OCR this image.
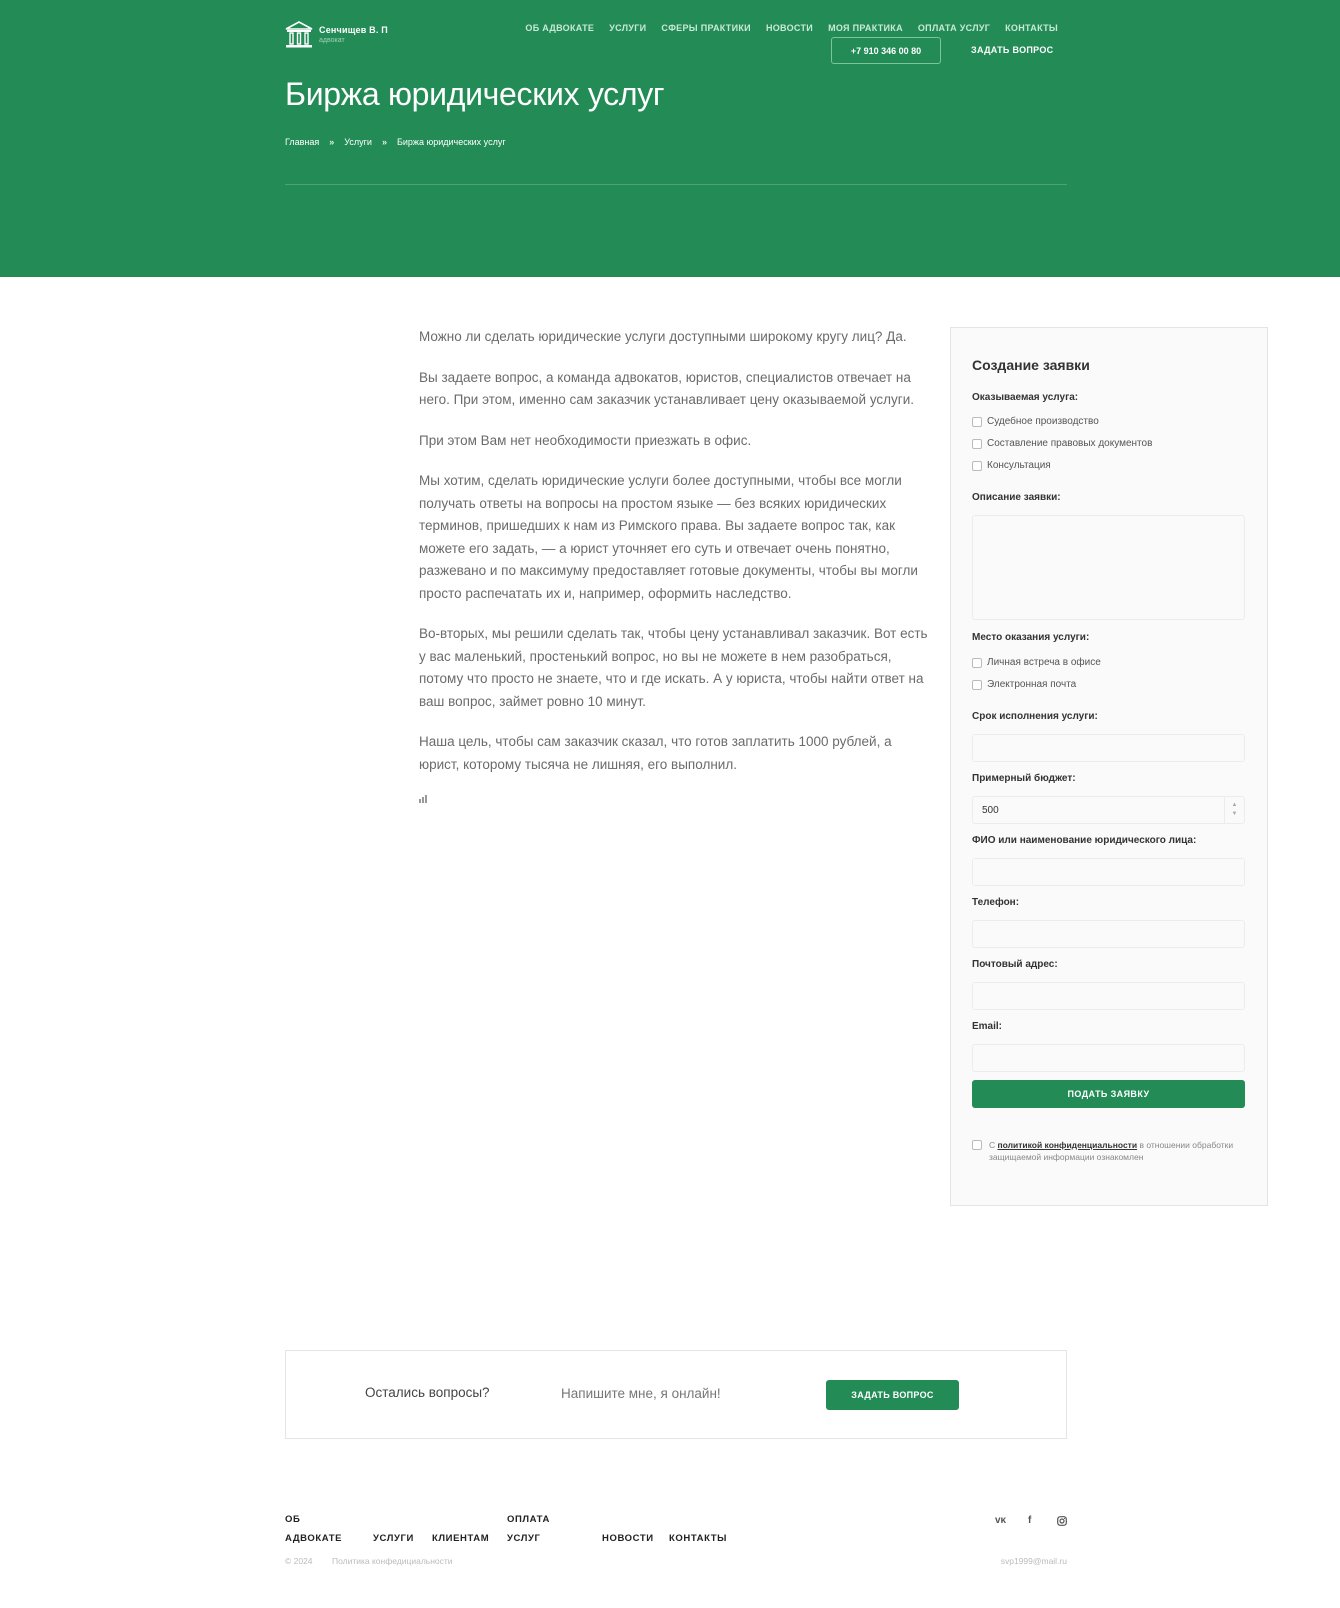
Сенчищев В. П
адвокат
ОБ АДВОКАТЕ УСЛУГИ СФЕРЫ ПРАКТИКИ НОВОСТИ МОЯ ПРАКТИКА ОПЛАТА УСЛУГ КОНТАКТЫ
+7 910 346 00 80	ЗАДАТЬ ВОПРОС
Биржа юридических услуг
Главная » Услуги » Биржа юридических услуг

Можно ли сделать юридические услуги доступными широкому кругу лиц? Да.

Вы задаете вопрос, а команда адвокатов, юристов, специалистов отвечает на него. При этом, именно сам заказчик устанавливает цену оказываемой услуги.

При этом Вам нет необходимости приезжать в офис.

Мы хотим, сделать юридические услуги более доступными, чтобы все могли получать ответы на вопросы на простом языке — без всяких юридических терминов, пришедших к нам из Римского права. Вы задаете вопрос так, как можете его задать, — а юрист уточняет его суть и отвечает очень понятно, разжевано и по максимуму предоставляет готовые документы, чтобы вы могли просто распечатать их и, например, оформить наследство.

Во-вторых, мы решили сделать так, чтобы цену устанавливал заказчик. Вот есть у вас маленький, простенький вопрос, но вы не можете в нем разобраться, потому что просто не знаете, что и где искать. А у юриста, чтобы найти ответ на ваш вопрос, займет ровно 10 минут.

Наша цель, чтобы сам заказчик сказал, что готов заплатить 1000 рублей, а юрист, которому тысяча не лишняя, его выполнил.

Создание заявки
Оказываемая услуга:
Судебное производство
Составление правовых документов
Консультация
Описание заявки:
Место оказания услуги:
Личная встреча в офисе
Электронная почта
Срок исполнения услуги:
Примерный бюджет:
500	▲
▼
ФИО или наименование юридического лица:
Телефон:
Почтовый адрес:
Email:
ПОДАТЬ ЗАЯВКУ
С политикой конфиденциальности в отношении обработки защищаемой информации ознакомлен
Остались вопросы?	Напишите мне, я онлайн!	ЗАДАТЬ ВОПРОС
ОБ
АДВОКАТЕ	УСЛУГИ КЛИЕНТАМ
ОПЛАТА
УСЛУГ	НОВОСТИ КОНТАКТЫ
ᴠᴋ f
© 2024 Политика конфедициальности	svp1999@mail.ru
